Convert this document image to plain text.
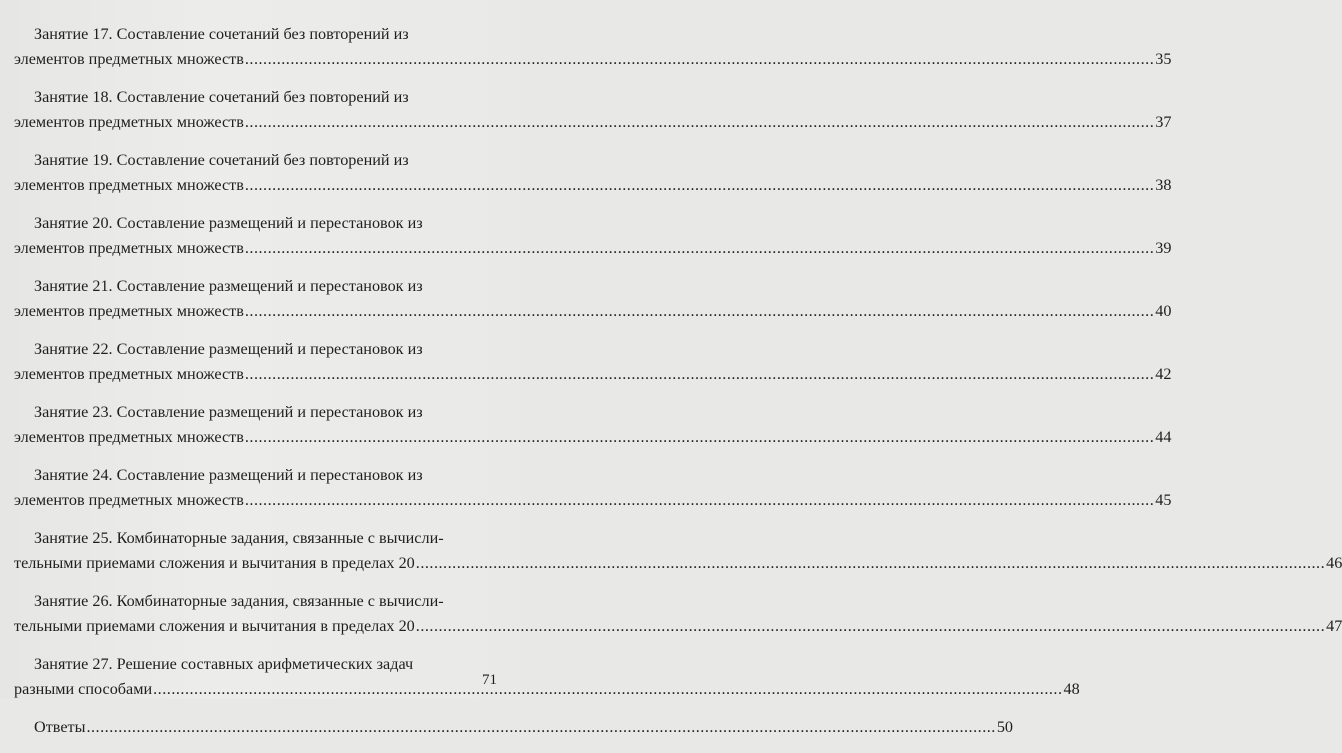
Занятие 17. Составление сочетаний без повторений из
элементов предметных множеств .....	35
Занятие 18. Составление сочетаний без повторений из
элементов предметных множеств .....	37
Занятие 19. Составление сочетаний без повторений из
элементов предметных множеств .....	38
Занятие 20. Составление размещений и перестановок из
элементов предметных множеств .....	39
Занятие 21. Составление размещений и перестановок из
элементов предметных множеств .....	40
Занятие 22. Составление размещений и перестановок из
элементов предметных множеств .....	42
Занятие 23. Составление размещений и перестановок из
элементов предметных множеств .....	44
Занятие 24. Составление размещений и перестановок из
элементов предметных множеств .....	45
Занятие 25. Комбинаторные задания, связанные с вычисли-
тельными приемами сложения и вычитания в пределах 20 .....	46
Занятие 26. Комбинаторные задания, связанные с вычисли-
тельными приемами сложения и вычитания в пределах 20 .....	47
Занятие 27. Решение составных арифметических задач
разными способами .....	48
Ответы .....	50
71
